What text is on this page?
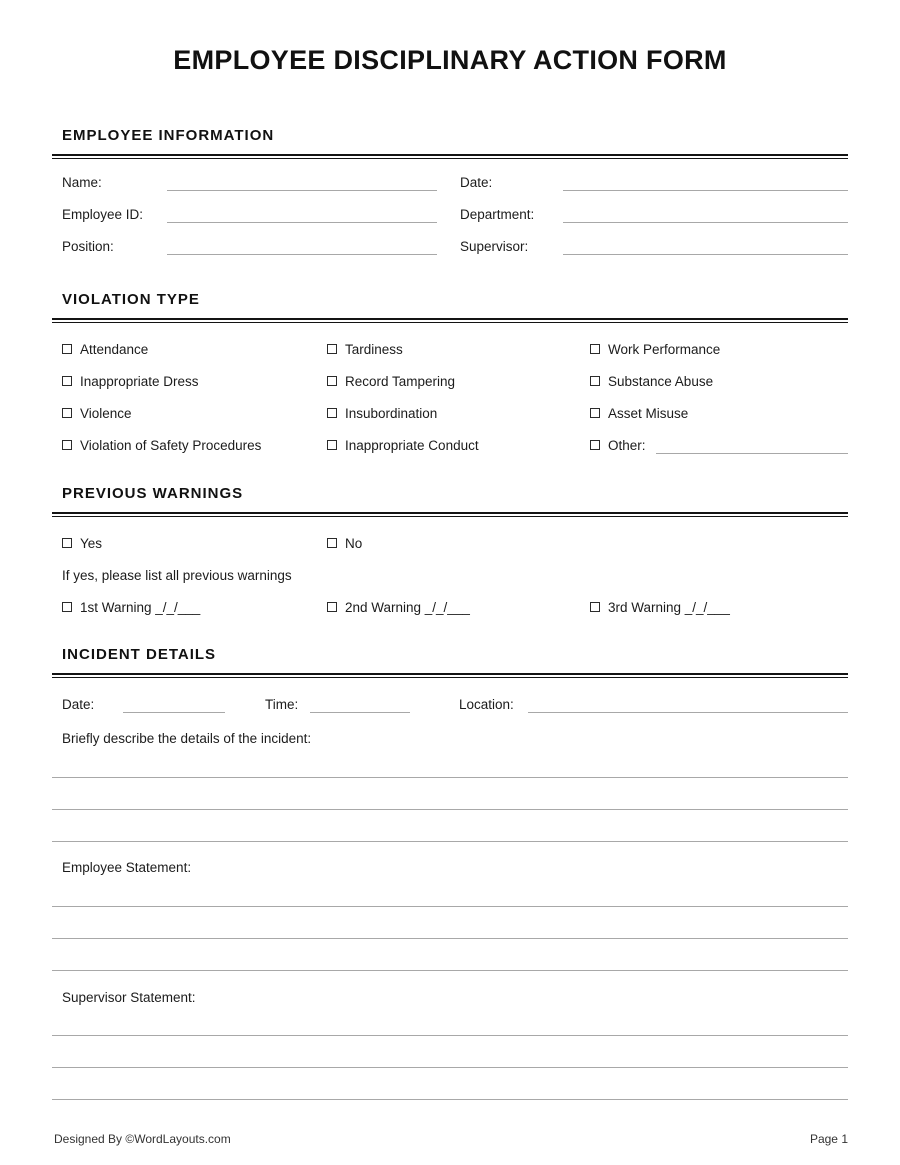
EMPLOYEE DISCIPLINARY ACTION FORM
EMPLOYEE INFORMATION
Name:	Date:
Employee ID:	Department:
Position:	Supervisor:
VIOLATION TYPE
Attendance	Tardiness	Work Performance
Inappropriate Dress	Record Tampering	Substance Abuse
Violence	Insubordination	Asset Misuse
Violation of Safety Procedures	Inappropriate Conduct	Other:
PREVIOUS WARNINGS
Yes	No
If yes, please list all previous warnings
1st Warning _/_/___	2nd Warning _/_/___	3rd Warning _/_/___
INCIDENT DETAILS
Date:	Time:	Location:
Briefly describe the details of the incident:
Employee Statement:
Supervisor Statement:
Designed By ©WordLayouts.com	Page 1
